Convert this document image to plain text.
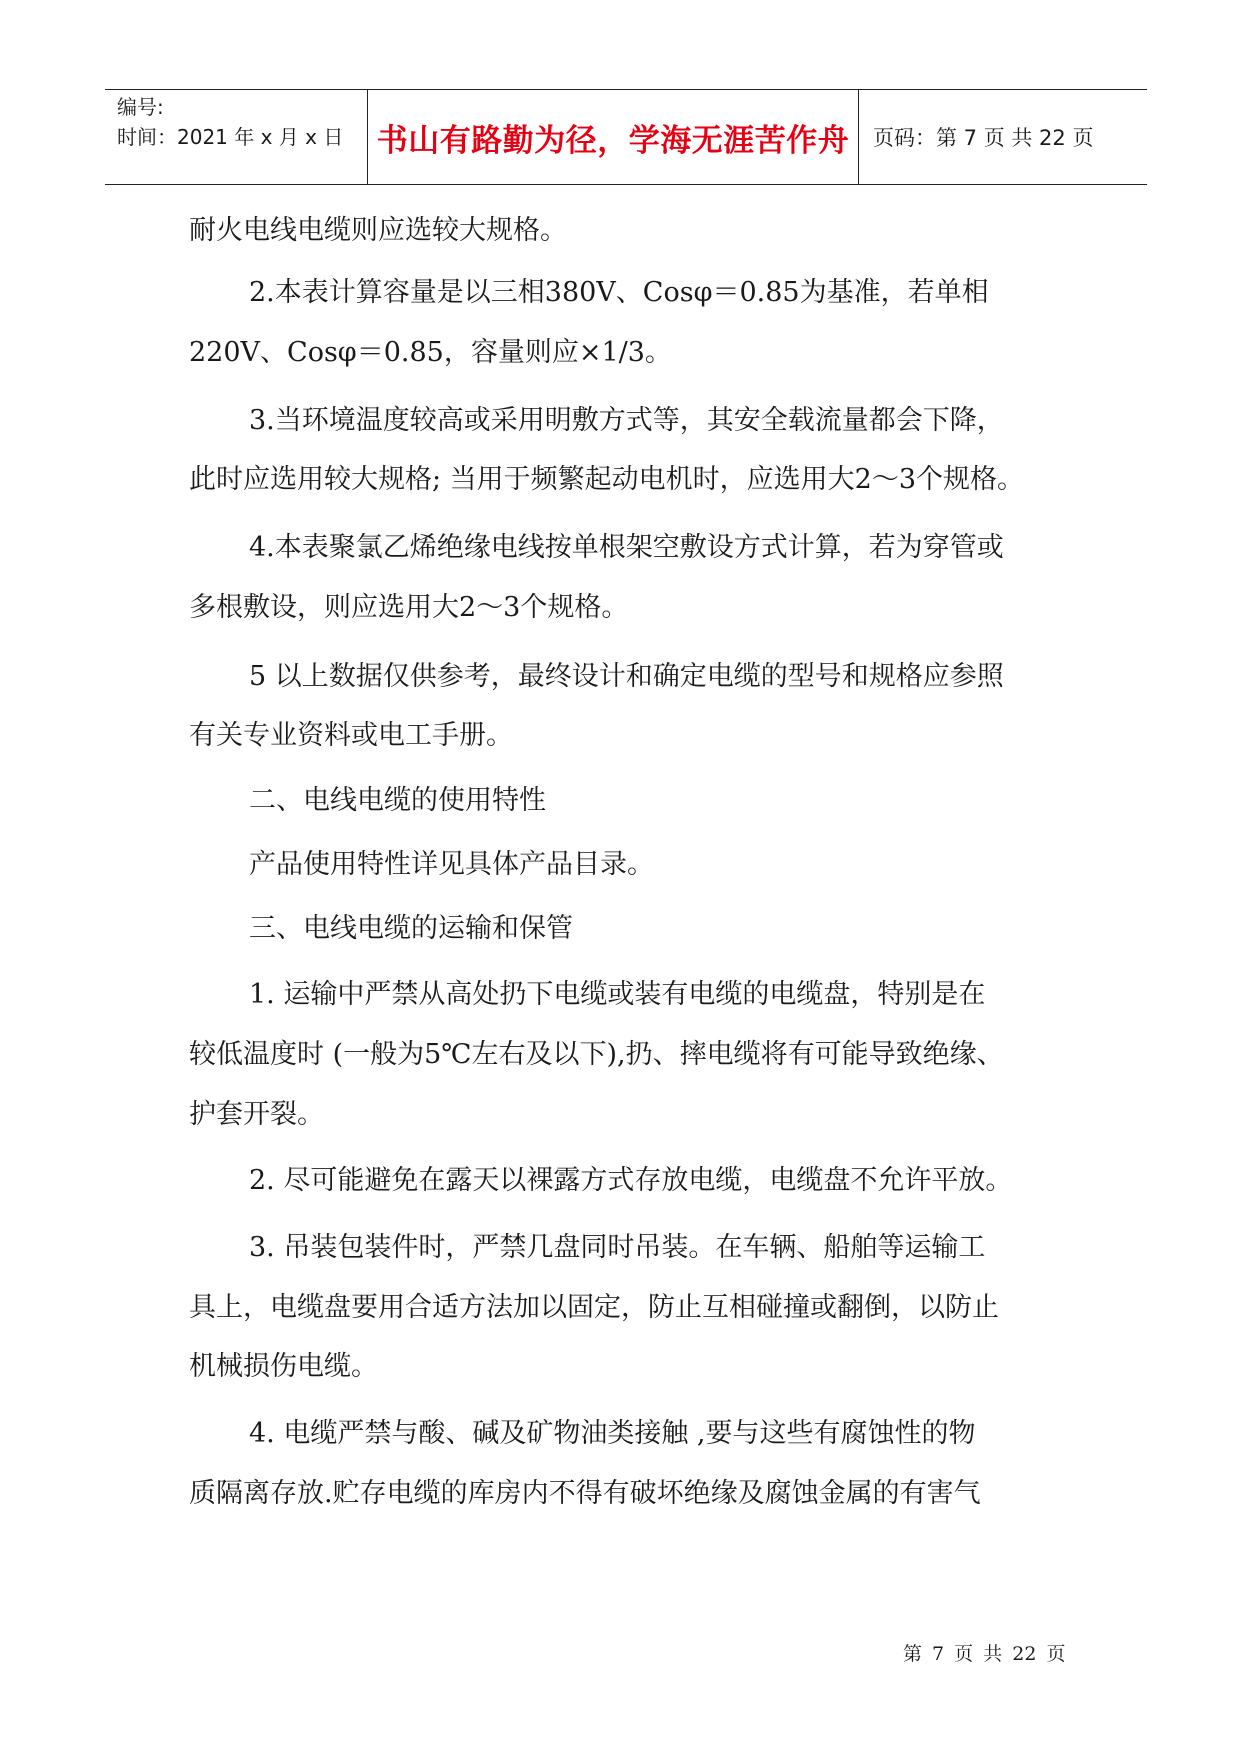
编号:
时间：2021 年 x 月 x 日	书山有路勤为径，学海无涯苦作舟	页码：第 7 页 共 22 页
耐火电线电缆则应选较大规格。
2.本表计算容量是以三相380V、Cosφ＝0.85为基准，若单相
220V、Cosφ＝0.85，容量则应×1/3。
3.当环境温度较高或采用明敷方式等，其安全载流量都会下降，
此时应选用较大规格; 当用于频繁起动电机时，应选用大2～3个规格。
4.本表聚氯乙烯绝缘电线按单根架空敷设方式计算，若为穿管或
多根敷设，则应选用大2～3个规格。
5 以上数据仅供参考，最终设计和确定电缆的型号和规格应参照
有关专业资料或电工手册。
二、电线电缆的使用特性
产品使用特性详见具体产品目录。
三、电线电缆的运输和保管
1. 运输中严禁从高处扔下电缆或装有电缆的电缆盘，特别是在
较低温度时 (一般为5℃左右及以下),扔、摔电缆将有可能导致绝缘、
护套开裂。
2. 尽可能避免在露天以裸露方式存放电缆，电缆盘不允许平放。
3. 吊装包装件时，严禁几盘同时吊装。在车辆、船舶等运输工
具上，电缆盘要用合适方法加以固定，防止互相碰撞或翻倒，以防止
机械损伤电缆。
4. 电缆严禁与酸、碱及矿物油类接触 ,要与这些有腐蚀性的物
质隔离存放.贮存电缆的库房内不得有破坏绝缘及腐蚀金属的有害气
第 7 页 共 22 页
